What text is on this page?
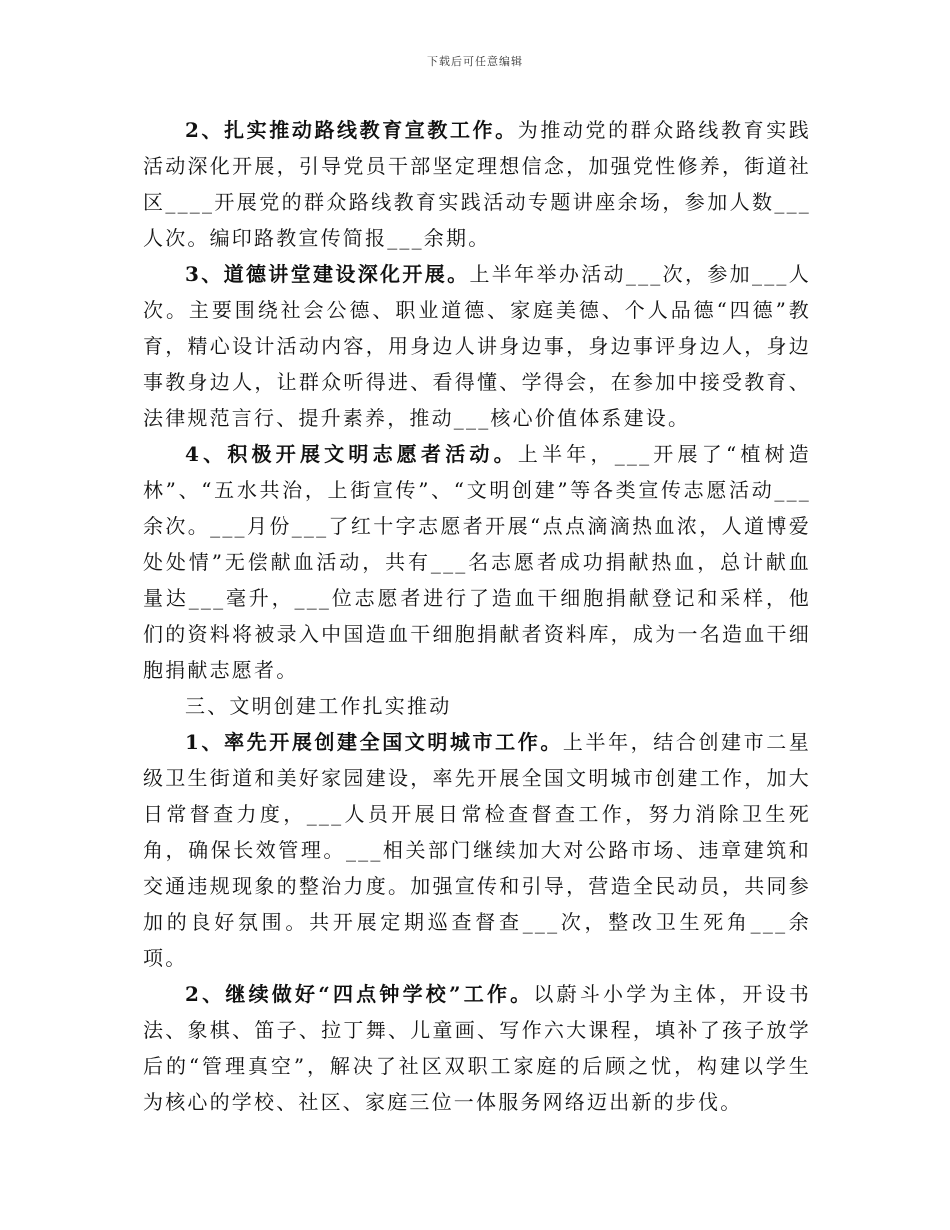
下载后可任意编辑

2、扎实推动路线教育宣教工作。为推动党的群众路线教育实践活动深化开展，引导党员干部坚定理想信念，加强党性修养，街道社区____开展党的群众路线教育实践活动专题讲座余场，参加人数___人次。编印路教宣传简报___余期。

3、道德讲堂建设深化开展。上半年举办活动___次，参加___人次。主要围绕社会公德、职业道德、家庭美德、个人品德“四德”教育，精心设计活动内容，用身边人讲身边事，身边事评身边人，身边事教身边人，让群众听得进、看得懂、学得会，在参加中接受教育、法律规范言行、提升素养，推动___核心价值体系建设。

4、积极开展文明志愿者活动。上半年，___开展了“植树造林”、“五水共治，上街宣传”、“文明创建”等各类宣传志愿活动___余次。___月份___了红十字志愿者开展“点点滴滴热血浓，人道博爱处处情”无偿献血活动，共有___名志愿者成功捐献热血，总计献血量达___毫升，___位志愿者进行了造血干细胞捐献登记和采样，他们的资料将被录入中国造血干细胞捐献者资料库，成为一名造血干细胞捐献志愿者。

三、文明创建工作扎实推动

1、率先开展创建全国文明城市工作。上半年，结合创建市二星级卫生街道和美好家园建设，率先开展全国文明城市创建工作，加大日常督查力度，___人员开展日常检查督查工作，努力消除卫生死角，确保长效管理。___相关部门继续加大对公路市场、违章建筑和交通违规现象的整治力度。加强宣传和引导，营造全民动员，共同参加的良好氛围。共开展定期巡查督查___次，整改卫生死角___余项。

2、继续做好“四点钟学校”工作。以蔚斗小学为主体，开设书法、象棋、笛子、拉丁舞、儿童画、写作六大课程，填补了孩子放学后的“管理真空”，解决了社区双职工家庭的后顾之忧，构建以学生为核心的学校、社区、家庭三位一体服务网络迈出新的步伐。
